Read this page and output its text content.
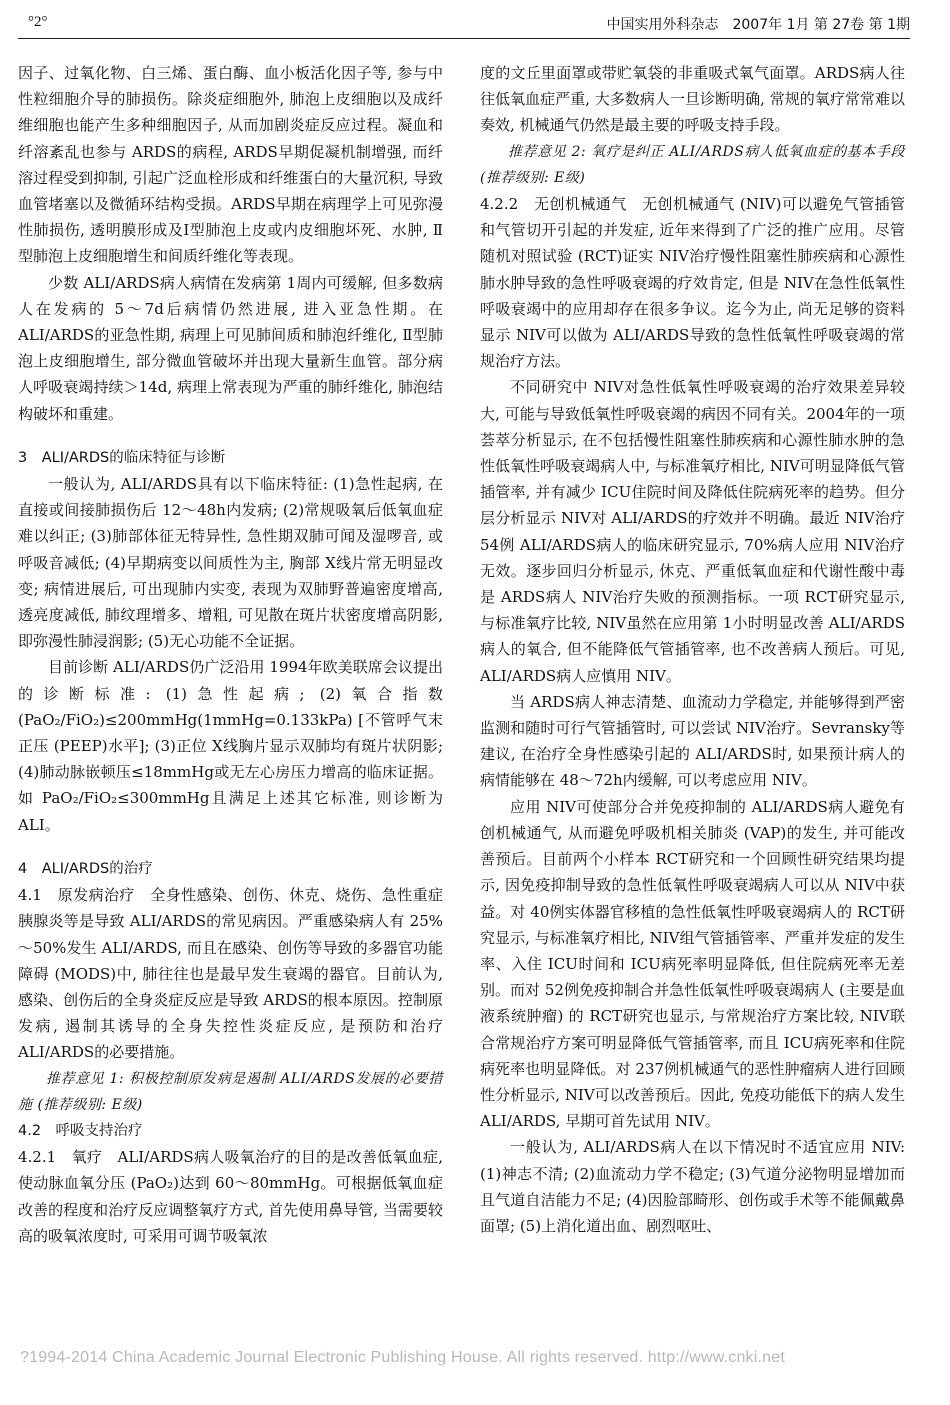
°2°	中国实用外科杂志　2007年 1月 第 27卷 第 1期

因子、过氧化物、白三烯、蛋白酶、血小板活化因子等, 参与中性粒细胞介导的肺损伤。除炎症细胞外, 肺泡上皮细胞以及成纤维细胞也能产生多种细胞因子, 从而加剧炎症反应过程。凝血和纤溶紊乱也参与 ARDS的病程, ARDS早期促凝机制增强, 而纤溶过程受到抑制, 引起广泛血栓形成和纤维蛋白的大量沉积, 导致血管堵塞以及微循环结构受损。ARDS早期在病理学上可见弥漫性肺损伤, 透明膜形成及Ⅰ型肺泡上皮或内皮细胞坏死、水肿, Ⅱ型肺泡上皮细胞增生和间质纤维化等表现。

少数 ALI/ARDS病人病情在发病第 1周内可缓解, 但多数病人在发病的 5～7d后病情仍然进展, 进入亚急性期。在 ALI/ARDS的亚急性期, 病理上可见肺间质和肺泡纤维化, Ⅱ型肺泡上皮细胞增生, 部分微血管破坏并出现大量新生血管。部分病人呼吸衰竭持续＞14d, 病理上常表现为严重的肺纤维化, 肺泡结构破坏和重建。

3　ALI/ARDS的临床特征与诊断

一般认为, ALI/ARDS具有以下临床特征: (1)急性起病, 在直接或间接肺损伤后 12～48h内发病; (2)常规吸氧后低氧血症难以纠正; (3)肺部体征无特异性, 急性期双肺可闻及湿啰音, 或呼吸音减低; (4)早期病变以间质性为主, 胸部 X线片常无明显改变; 病情进展后, 可出现肺内实变, 表现为双肺野普遍密度增高, 透亮度减低, 肺纹理增多、增粗, 可见散在斑片状密度增高阴影, 即弥漫性肺浸润影; (5)无心功能不全证据。

目前诊断 ALI/ARDS仍广泛沿用 1994年欧美联席会议提出的诊断标准: (1)急性起病; (2)氧合指数 (PaO₂/FiO₂)≤200mmHg(1mmHg=0.133kPa) [不管呼气末正压 (PEEP)水平]; (3)正位 X线胸片显示双肺均有斑片状阴影; (4)肺动脉嵌顿压≤18mmHg或无左心房压力增高的临床证据。如 PaO₂/FiO₂≤300mmHg且满足上述其它标准, 则诊断为 ALI。

4　ALI/ARDS的治疗

4.1　原发病治疗　全身性感染、创伤、休克、烧伤、急性重症胰腺炎等是导致 ALI/ARDS的常见病因。严重感染病人有 25%～50%发生 ALI/ARDS, 而且在感染、创伤等导致的多器官功能障碍 (MODS)中, 肺往往也是最早发生衰竭的器官。目前认为, 感染、创伤后的全身炎症反应是导致 ARDS的根本原因。控制原发病, 遏制其诱导的全身失控性炎症反应, 是预防和治疗 ALI/ARDS的必要措施。

推荐意见 1: 积极控制原发病是遏制 ALI/ARDS发展的必要措施 (推荐级别: E级)

4.2　呼吸支持治疗

4.2.1　氧疗　ALI/ARDS病人吸氧治疗的目的是改善低氧血症, 使动脉血氧分压 (PaO₂)达到 60～80mmHg。可根据低氧血症改善的程度和治疗反应调整氧疗方式, 首先使用鼻导管, 当需要较高的吸氧浓度时, 可采用可调节吸氧浓

度的文丘里面罩或带贮氧袋的非重吸式氧气面罩。ARDS病人往往低氧血症严重, 大多数病人一旦诊断明确, 常规的氧疗常常难以奏效, 机械通气仍然是最主要的呼吸支持手段。

推荐意见 2: 氧疗是纠正 ALI/ARDS病人低氧血症的基本手段 (推荐级别: E级)

4.2.2　无创机械通气　无创机械通气 (NIV)可以避免气管插管和气管切开引起的并发症, 近年来得到了广泛的推广应用。尽管随机对照试验 (RCT)证实 NIV治疗慢性阻塞性肺疾病和心源性肺水肿导致的急性呼吸衰竭的疗效肯定, 但是 NIV在急性低氧性呼吸衰竭中的应用却存在很多争议。迄今为止, 尚无足够的资料显示 NIV可以做为 ALI/ARDS导致的急性低氧性呼吸衰竭的常规治疗方法。

不同研究中 NIV对急性低氧性呼吸衰竭的治疗效果差异较大, 可能与导致低氧性呼吸衰竭的病因不同有关。2004年的一项荟萃分析显示, 在不包括慢性阻塞性肺疾病和心源性肺水肿的急性低氧性呼吸衰竭病人中, 与标准氧疗相比, NIV可明显降低气管插管率, 并有减少 ICU住院时间及降低住院病死率的趋势。但分层分析显示 NIV对 ALI/ARDS的疗效并不明确。最近 NIV治疗 54例 ALI/ARDS病人的临床研究显示, 70%病人应用 NIV治疗无效。逐步回归分析显示, 休克、严重低氧血症和代谢性酸中毒是 ARDS病人 NIV治疗失败的预测指标。一项 RCT研究显示, 与标准氧疗比较, NIV虽然在应用第 1小时明显改善 ALI/ARDS病人的氧合, 但不能降低气管插管率, 也不改善病人预后。可见, ALI/ARDS病人应慎用 NIV。

当 ARDS病人神志清楚、血流动力学稳定, 并能够得到严密监测和随时可行气管插管时, 可以尝试 NIV治疗。Sevransky等建议, 在治疗全身性感染引起的 ALI/ARDS时, 如果预计病人的病情能够在 48～72h内缓解, 可以考虑应用 NIV。

应用 NIV可使部分合并免疫抑制的 ALI/ARDS病人避免有创机械通气, 从而避免呼吸机相关肺炎 (VAP)的发生, 并可能改善预后。目前两个小样本 RCT研究和一个回顾性研究结果均提示, 因免疫抑制导致的急性低氧性呼吸衰竭病人可以从 NIV中获益。对 40例实体器官移植的急性低氧性呼吸衰竭病人的 RCT研究显示, 与标准氧疗相比, NIV组气管插管率、严重并发症的发生率、入住 ICU时间和 ICU病死率明显降低, 但住院病死率无差别。而对 52例免疫抑制合并急性低氧性呼吸衰竭病人 (主要是血液系统肿瘤) 的 RCT研究也显示, 与常规治疗方案比较, NIV联合常规治疗方案可明显降低气管插管率, 而且 ICU病死率和住院病死率也明显降低。对 237例机械通气的恶性肿瘤病人进行回顾性分析显示, NIV可以改善预后。因此, 免疫功能低下的病人发生 ALI/ARDS, 早期可首先试用 NIV。

一般认为, ALI/ARDS病人在以下情况时不适宜应用 NIV: (1)神志不清; (2)血流动力学不稳定; (3)气道分泌物明显增加而且气道自洁能力不足; (4)因脸部畸形、创伤或手术等不能佩戴鼻面罩; (5)上消化道出血、剧烈呕吐、

?1994-2014 China Academic Journal Electronic Publishing House. All rights reserved. http://www.cnki.net
